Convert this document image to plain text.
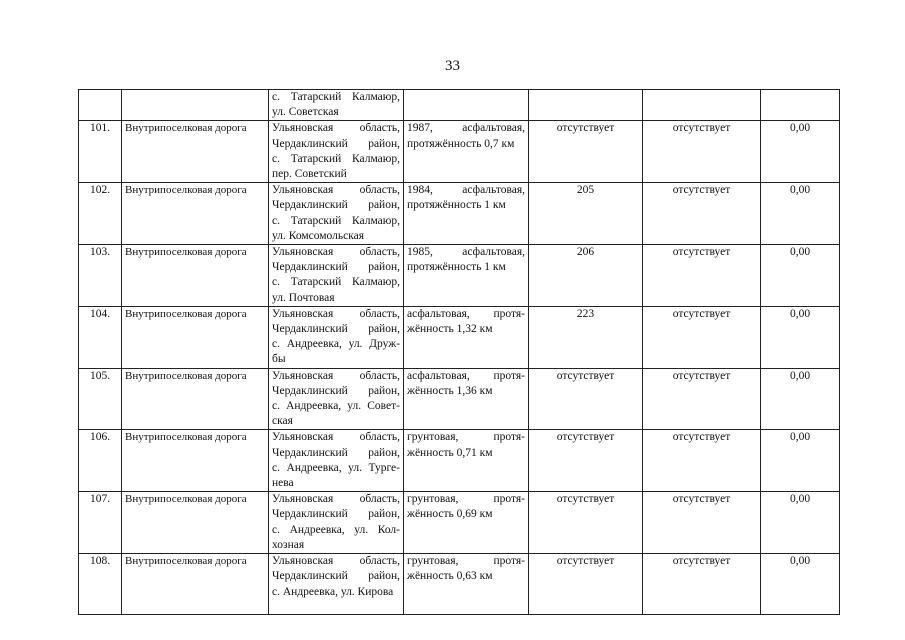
33

		с. Татарский Калмаюр,
ул. Советская				

101.	Внутрипоселковая дорога	Ульяновская область,
Чердаклинский район,
с. Татарский Калмаюр,
пер. Советский	1987, асфальтовая,
протяжённость 0,7 км	отсутствует	отсутствует	0,00
102.	Внутрипоселковая дорога	Ульяновская область,
Чердаклинский район,
с. Татарский Калмаюр,
ул. Комсомольская	1984, асфальтовая,
протяжённость 1 км	205	отсутствует	0,00
103.	Внутрипоселковая дорога	Ульяновская область,
Чердаклинский район,
с. Татарский Калмаюр,
ул. Почтовая	1985, асфальтовая,
протяжённость 1 км	206	отсутствует	0,00
104.	Внутрипоселковая дорога	Ульяновская область,
Чердаклинский район,
с. Андреевка, ул. Друж-
бы	асфальтовая, протя-
жённость 1,32 км	223	отсутствует	0,00
105.	Внутрипоселковая дорога	Ульяновская область,
Чердаклинский район,
с. Андреевка, ул. Совет-
ская	асфальтовая, протя-
жённость 1,36 км	отсутствует	отсутствует	0,00
106.	Внутрипоселковая дорога	Ульяновская область,
Чердаклинский район,
с. Андреевка, ул. Турге-
нева	грунтовая, протя-
жённость 0,71 км	отсутствует	отсутствует	0,00
107.	Внутрипоселковая дорога	Ульяновская область,
Чердаклинский район,
с. Андреевка, ул. Кол-
хозная	грунтовая, протя-
жённость 0,69 км	отсутствует	отсутствует	0,00
108.	Внутрипоселковая дорога	Ульяновская область,
Чердаклинский район,
с. Андреевка, ул. Кирова	грунтовая, протя-
жённость 0,63 км	отсутствует	отсутствует	0,00
